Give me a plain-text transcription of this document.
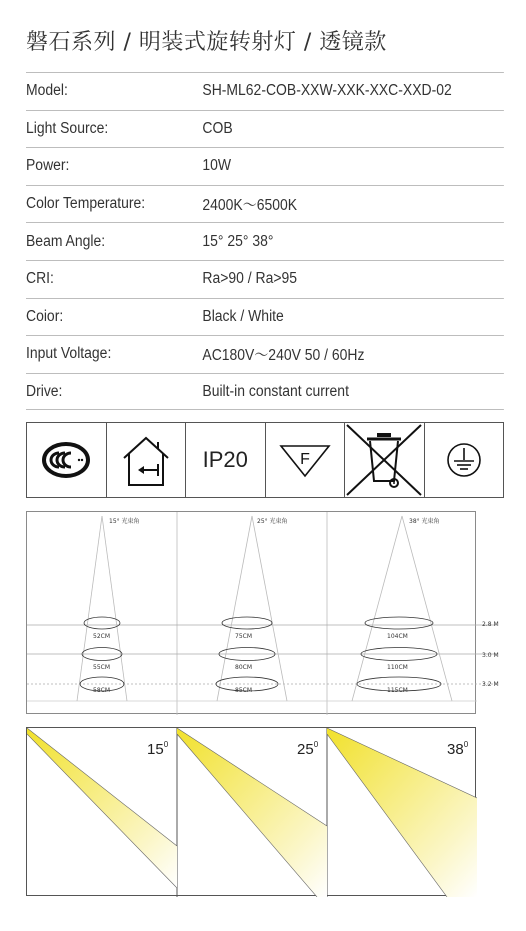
磐石系列 / 明装式旋转射灯 / 透镜款
Model:	SH-ML62-COB-XXW-XXK-XXC-XXD-02
Light Source:	COB
Power:	10W
Color Temperature:	2400K～6500K
Beam Angle:	15° 25° 38°
CRI:	Ra>90 / Ra>95
Coior:	Black / White
Input Voltage:	AC180V～240V 50 / 60Hz
Drive:	Built-in constant current
IP20	F
15° 光束角
52CM
55CM
58CM
25° 光束角
75CM
80CM
85CM
38° 光束角
104CM
110CM
115CM
2.8 M
3.0 M
3.2 M
$15^0$	$25^0$	$38^0$
